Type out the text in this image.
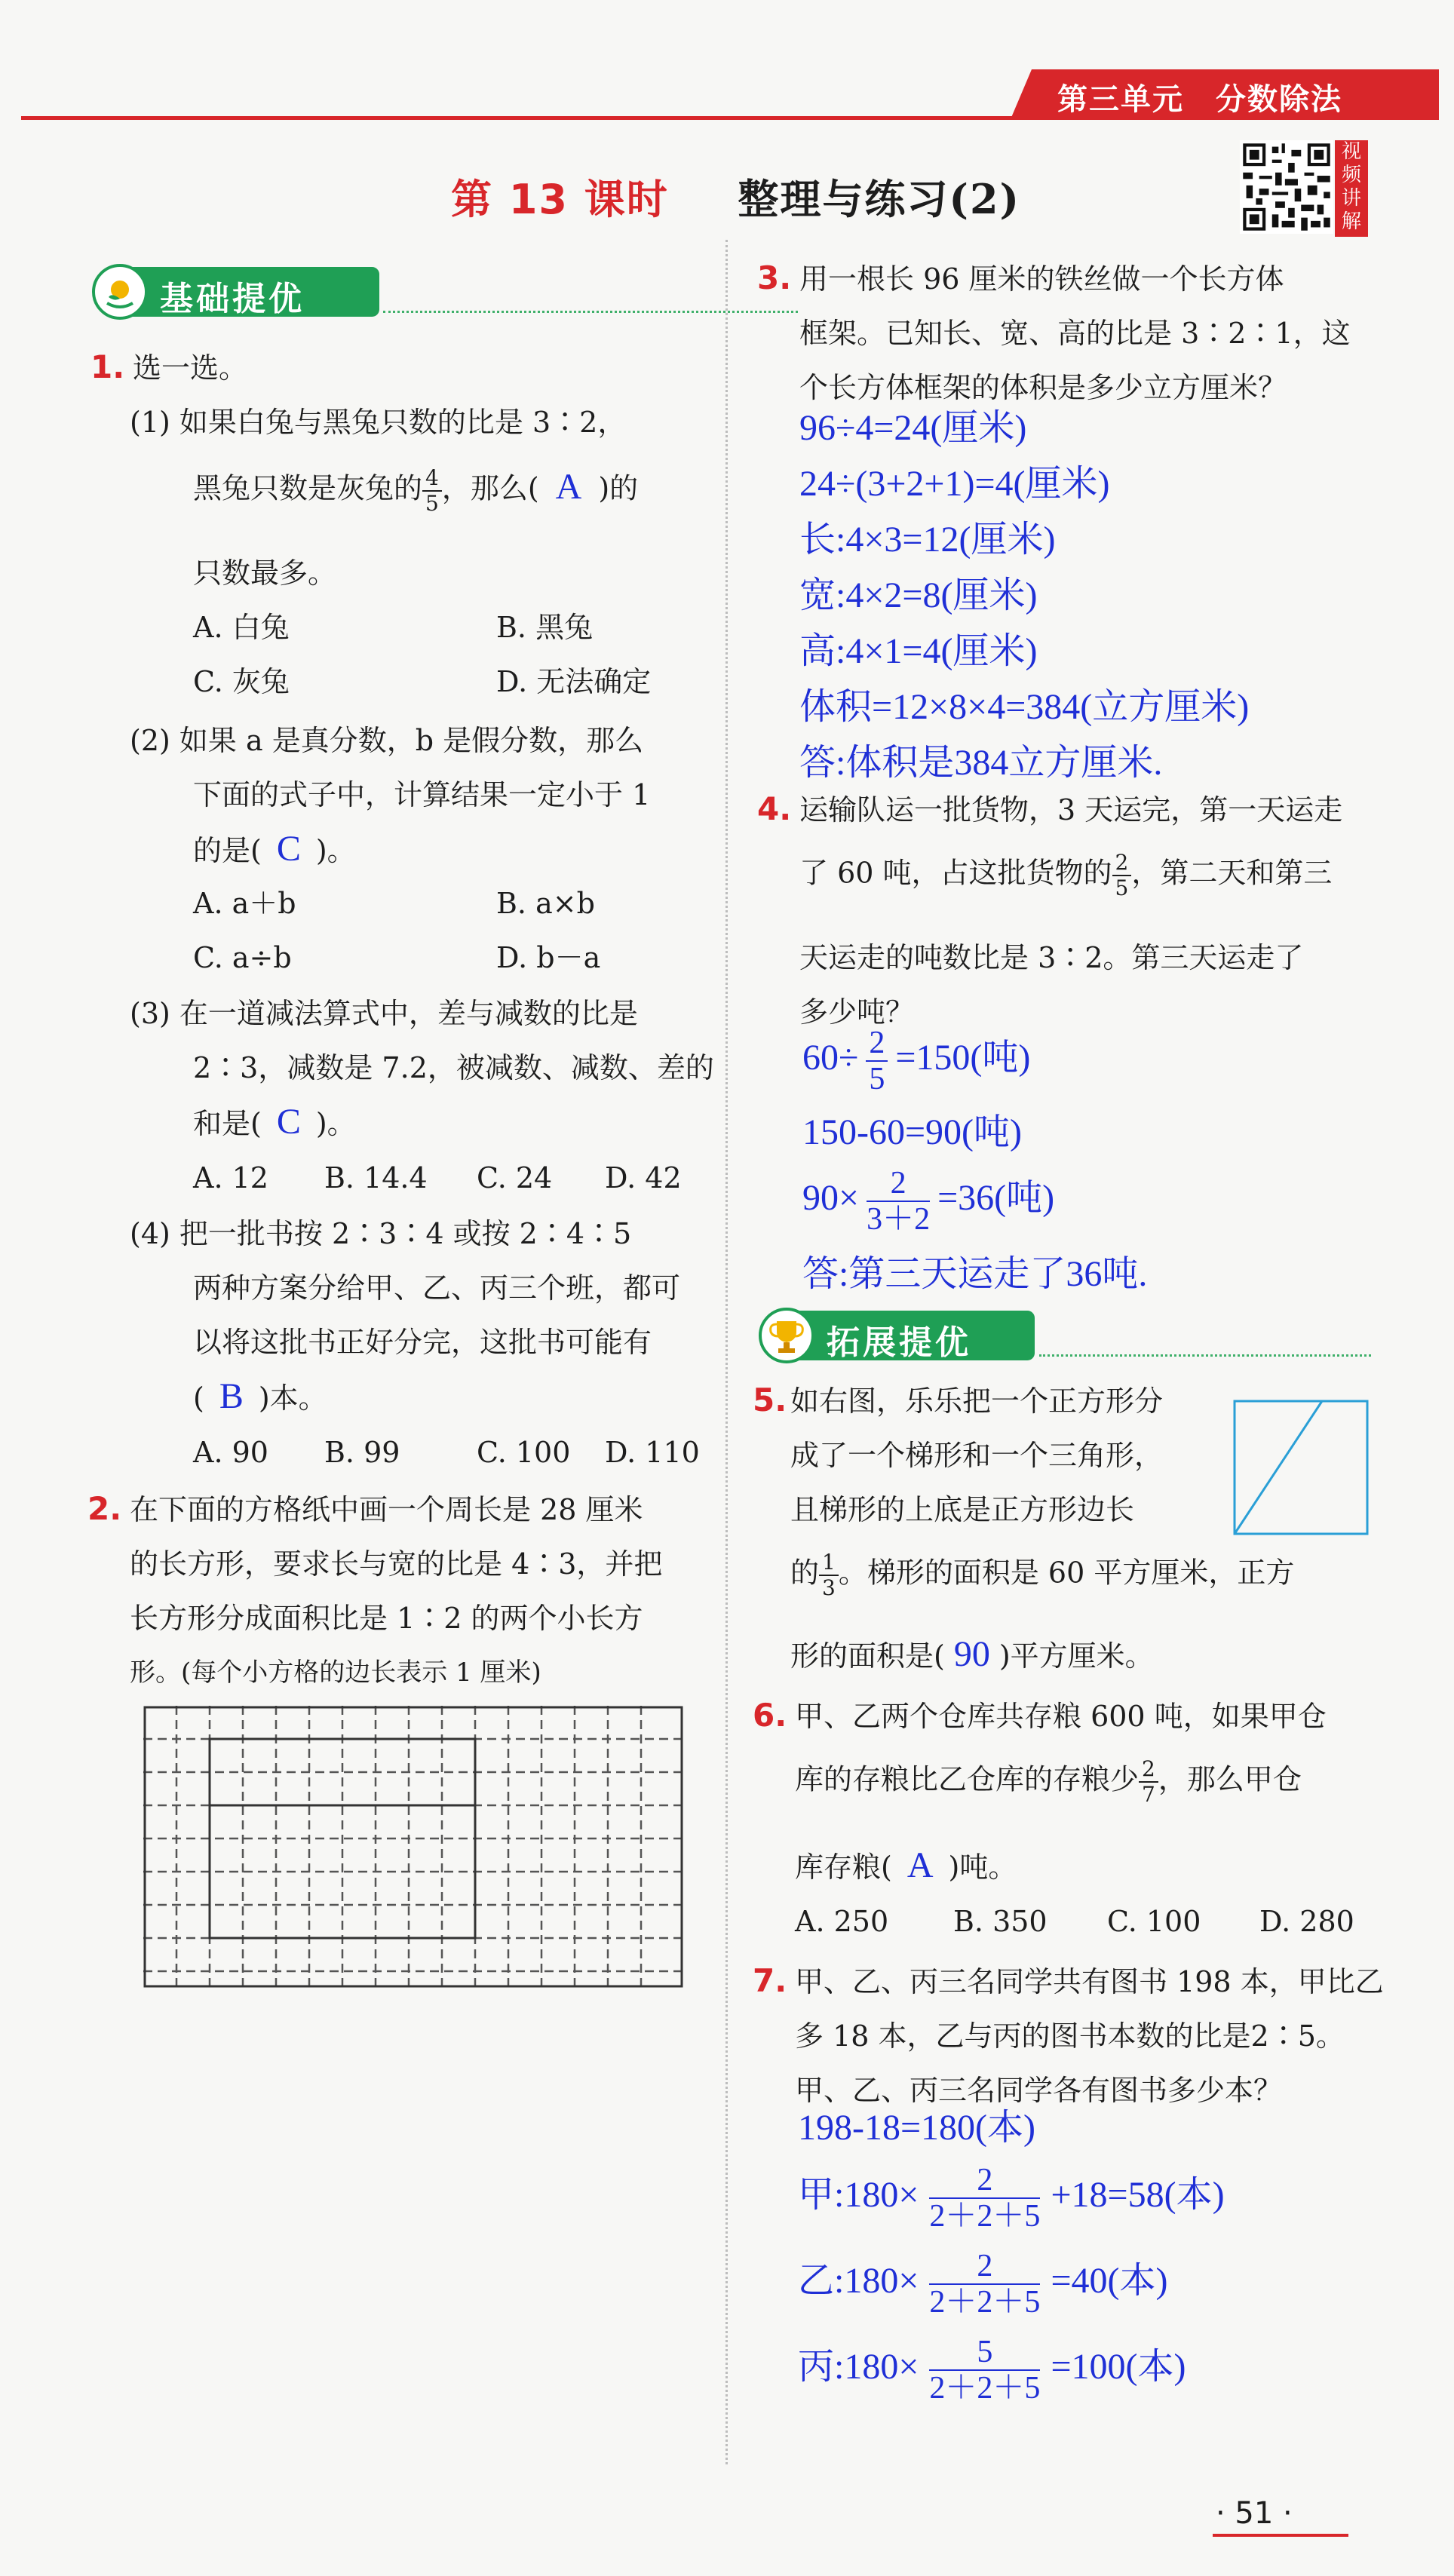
第三单元　分数除法
第 13 课时 整理与练习(2)
视频讲解
基础提优
1. 选一选。
(1) 如果白兔与黑兔只数的比是 3∶2，
黑兔只数是灰兔的 $\frac{4}{5}$ ，那么( A )的
只数最多。
A. 白兔	B. 黑兔
C. 灰兔	D. 无法确定
(2) 如果 a 是真分数，b 是假分数，那么
下面的式子中，计算结果一定小于 1
的是( C )。
A. a＋b	B. a×b
C. a÷b	D. b－a
(3) 在一道减法算式中，差与减数的比是
2∶3，减数是 7.2，被减数、减数、差的
和是( C )。
A. 12 B. 14.4 C. 24 D. 42
(4) 把一批书按 2∶3∶4 或按 2∶4∶5
两种方案分给甲、乙、丙三个班，都可
以将这批书正好分完，这批书可能有
( B )本。
A. 90 B. 99	C. 100 D. 110
2. 在下面的方格纸中画一个周长是 28 厘米
的长方形，要求长与宽的比是 4∶3，并把
长方形分成面积比是 1∶2 的两个小长方
形。(每个小方格的边长表示 1 厘米)
3. 用一根长 96 厘米的铁丝做一个长方体
框架。已知长、宽、高的比是 3∶2∶1，这
个长方体框架的体积是多少立方厘米？
96÷4=24(厘米)
24÷(3+2+1)=4(厘米)
长:4×3=12(厘米)
宽:4×2=8(厘米)
高:4×1=4(厘米)
体积=12×8×4=384(立方厘米)
答:体积是384立方厘米.
4. 运输队运一批货物，3 天运完，第一天运走
了 60 吨，占这批货物的 $\frac{2}{5}$ ，第二天和第三
天运走的吨数比是 3∶2。第三天运走了
多少吨？
$60\div \frac{2}{5} =150$(吨)
150-60=90(吨)
$90\times \frac{2}{3+2} =36$(吨)
答:第三天运走了36吨.
拓展提优
5. 如右图，乐乐把一个正方形分
成了一个梯形和一个三角形，
且梯形的上底是正方形边长
的 $\frac{1}{3}$ 。梯形的面积是 60 平方厘米，正方
形的面积是( 90 )平方厘米。
6. 甲、乙两个仓库共存粮 600 吨，如果甲仓
库的存粮比乙仓库的存粮少 $\frac{2}{7}$ ，那么甲仓
库存粮( A )吨。
A. 250 B. 350 C. 100 D. 280
7. 甲、乙、丙三名同学共有图书 198 本，甲比乙
多 18 本，乙与丙的图书本数的比是2∶5。
甲、乙、丙三名同学各有图书多少本？
198-18=180(本)
甲:180× $\frac{2}{2+2+5} +18=58$(本)
乙:180× $\frac{2}{2+2+5} =40$(本)
丙:180× $\frac{5}{2+2+5} =100$(本)
· 51 ·
